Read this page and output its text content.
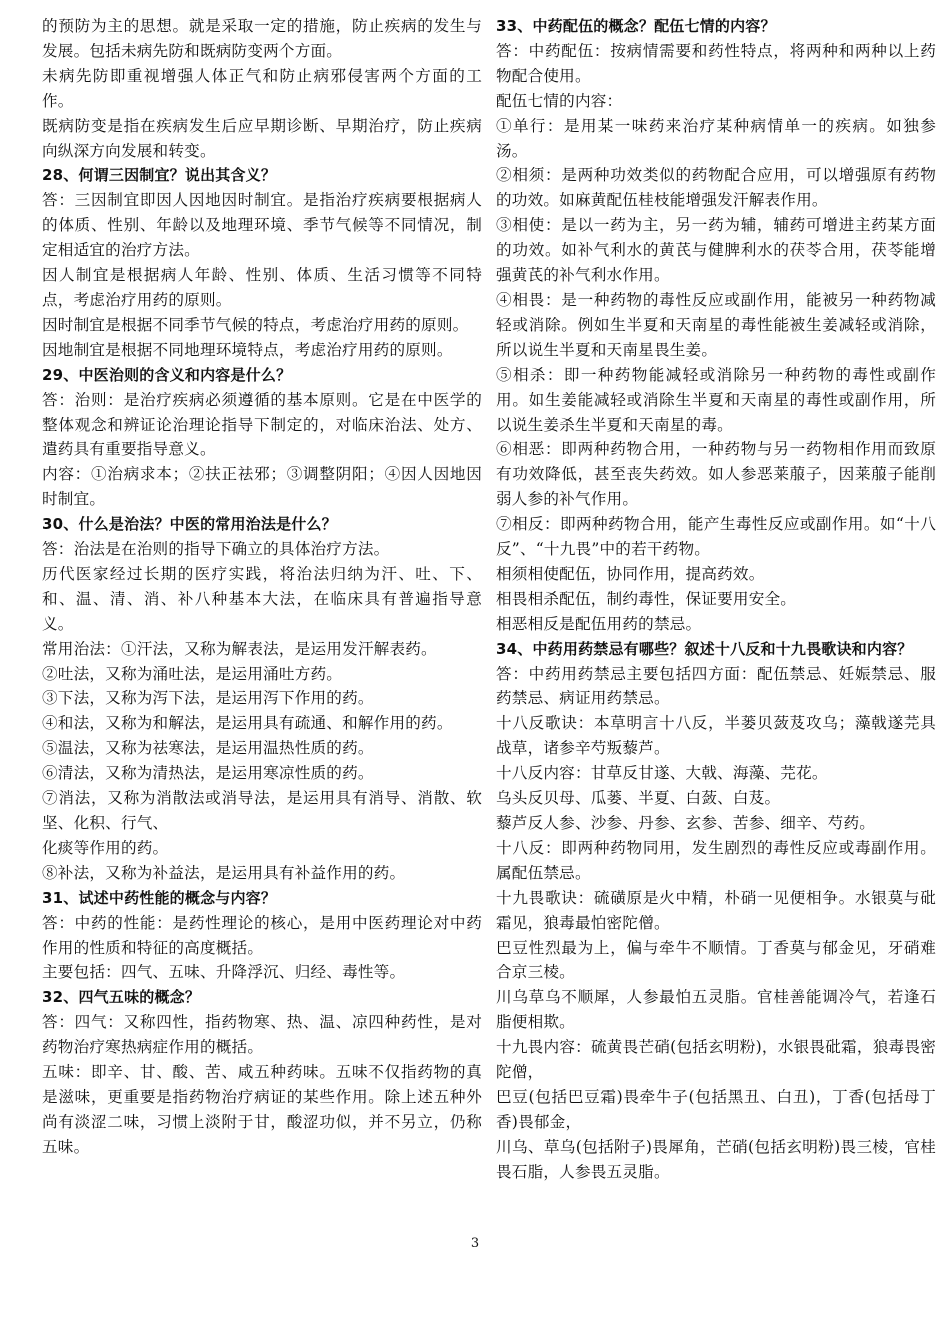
的预防为主的思想。就是采取一定的措施，防止疾病的发生与发展。包括未病先防和既病防变两个方面。

未病先防即重视增强人体正气和防止病邪侵害两个方面的工作。

既病防变是指在疾病发生后应早期诊断、早期治疗，防止疾病向纵深方向发展和转变。

28、何谓三因制宜？说出其含义？

答：三因制宜即因人因地因时制宜。是指治疗疾病要根据病人的体质、性别、年龄以及地理环境、季节气候等不同情况，制定相适宜的治疗方法。

因人制宜是根据病人年龄、性别、体质、生活习惯等不同特点，考虑治疗用药的原则。

因时制宜是根据不同季节气候的特点，考虑治疗用药的原则。

因地制宜是根据不同地理环境特点，考虑治疗用药的原则。

29、中医治则的含义和内容是什么？

答：治则：是治疗疾病必须遵循的基本原则。它是在中医学的整体观念和辨证论治理论指导下制定的，对临床治法、处方、遣药具有重要指导意义。

内容：①治病求本；②扶正祛邪；③调整阴阳；④因人因地因时制宜。

30、什么是治法？中医的常用治法是什么？

答：治法是在治则的指导下确立的具体治疗方法。

历代医家经过长期的医疗实践，将治法归纳为汗、吐、下、和、温、清、消、补八种基本大法，在临床具有普遍指导意义。

常用治法：①汗法，又称为解表法，是运用发汗解表药。

②吐法，又称为涌吐法，是运用涌吐方药。

③下法，又称为泻下法，是运用泻下作用的药。

④和法，又称为和解法，是运用具有疏通、和解作用的药。

⑤温法，又称为祛寒法，是运用温热性质的药。

⑥清法，又称为清热法，是运用寒凉性质的药。

⑦消法，又称为消散法或消导法，是运用具有消导、消散、软坚、化积、行气、

化痰等作用的药。

⑧补法，又称为补益法，是运用具有补益作用的药。

31、试述中药性能的概念与内容？

答：中药的性能：是药性理论的核心，是用中医药理论对中药作用的性质和特征的高度概括。

主要包括：四气、五味、升降浮沉、归经、毒性等。

32、四气五味的概念？

答：四气：又称四性，指药物寒、热、温、凉四种药性，是对药物治疗寒热病症作用的概括。

五味：即辛、甘、酸、苦、咸五种药味。五味不仅指药物的真是滋味，更重要是指药物治疗病证的某些作用。除上述五种外尚有淡涩二味，习惯上淡附于甘，酸涩功似，并不另立，仍称五味。

33、中药配伍的概念？配伍七情的内容？

答：中药配伍：按病情需要和药性特点，将两种和两种以上药物配合使用。

配伍七情的内容：

①单行：是用某一味药来治疗某种病情单一的疾病。如独参汤。

②相须：是两种功效类似的药物配合应用，可以增强原有药物的功效。如麻黄配伍桂枝能增强发汗解表作用。

③相使：是以一药为主，另一药为辅，辅药可增进主药某方面的功效。如补气利水的黄芪与健脾利水的茯苓合用，茯苓能增强黄芪的补气利水作用。

④相畏：是一种药物的毒性反应或副作用，能被另一种药物减轻或消除。例如生半夏和天南星的毒性能被生姜减轻或消除，所以说生半夏和天南星畏生姜。

⑤相杀：即一种药物能减轻或消除另一种药物的毒性或副作用。如生姜能减轻或消除生半夏和天南星的毒性或副作用，所以说生姜杀生半夏和天南星的毒。

⑥相恶：即两种药物合用，一种药物与另一药物相作用而致原有功效降低，甚至丧失药效。如人参恶莱菔子，因莱菔子能削弱人参的补气作用。

⑦相反：即两种药物合用，能产生毒性反应或副作用。如“十八反”、“十九畏”中的若干药物。

相须相使配伍，协同作用，提高药效。

相畏相杀配伍，制约毒性，保证要用安全。

相恶相反是配伍用药的禁忌。

34、中药用药禁忌有哪些？叙述十八反和十九畏歌诀和内容？

答：中药用药禁忌主要包括四方面：配伍禁忌、妊娠禁忌、服药禁忌、病证用药禁忌。

十八反歌诀：本草明言十八反，半蒌贝蔹芨攻乌；藻戟遂芫具战草，诸参辛芍叛藜芦。

十八反内容：甘草反甘遂、大戟、海藻、芫花。

乌头反贝母、瓜蒌、半夏、白蔹、白芨。

藜芦反人参、沙参、丹参、玄参、苦参、细辛、芍药。

十八反：即两种药物同用，发生剧烈的毒性反应或毒副作用。属配伍禁忌。

十九畏歌诀：硫磺原是火中精，朴硝一见便相争。水银莫与砒霜见，狼毒最怕密陀僧。

巴豆性烈最为上，偏与牵牛不顺情。丁香莫与郁金见，牙硝难合京三棱。

川乌草乌不顺犀，人参最怕五灵脂。官桂善能调冷气，若逢石脂便相欺。

十九畏内容：硫黄畏芒硝(包括玄明粉)，水银畏砒霜，狼毒畏密陀僧，

巴豆(包括巴豆霜)畏牵牛子(包括黑丑、白丑)，丁香(包括母丁香)畏郁金，

川乌、草乌(包括附子)畏犀角，芒硝(包括玄明粉)畏三棱，官桂畏石脂，人参畏五灵脂。

3
